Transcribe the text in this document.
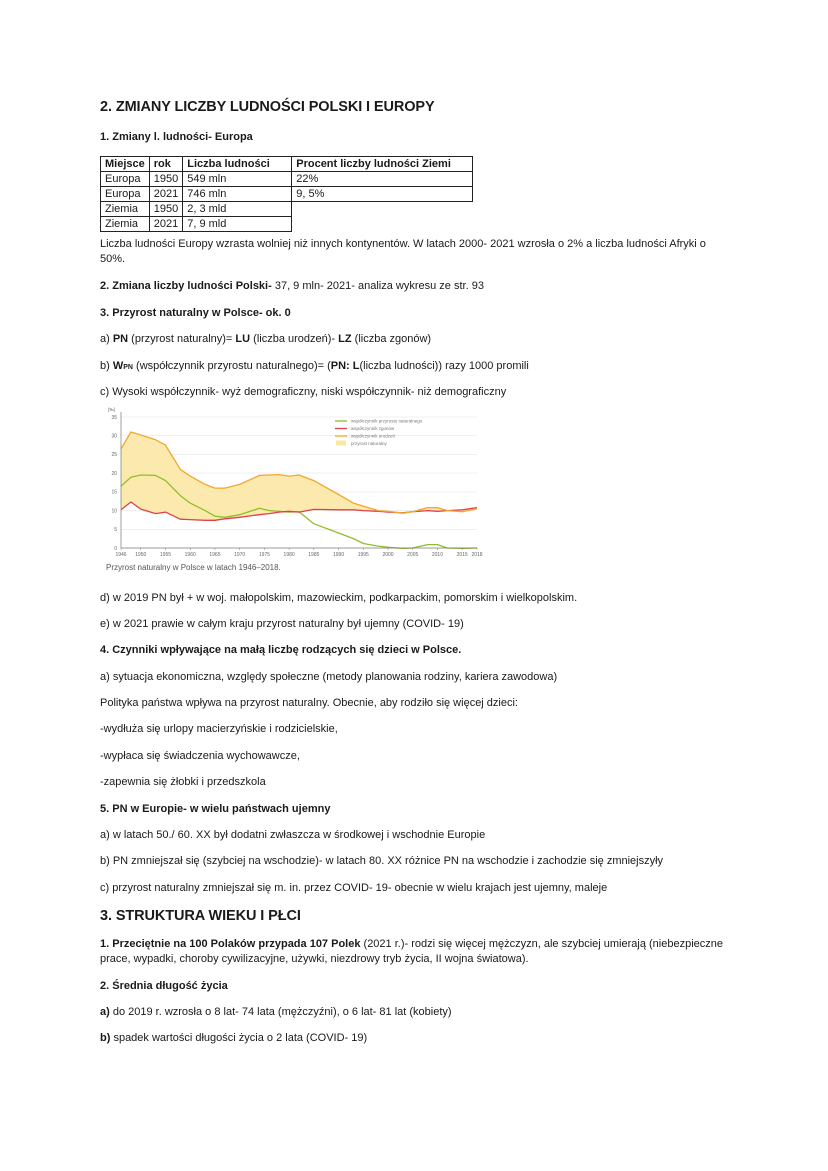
2. ZMIANY LICZBY LUDNOŚCI POLSKI I EUROPY
1. Zmiany l. ludności- Europa
Miejsce	rok	Liczba ludności	Procent liczby ludności Ziemi
Europa	1950	549 mln	22%
Europa	2021	746 mln	9, 5%
Ziemia	1950	2, 3 mld	
Ziemia	2021	7, 9 mld	
Liczba ludności Europy wzrasta wolniej niż innych kontynentów. W latach 2000- 2021 wzrosła o 2% a liczba ludności Afryki o 50%.
2. Zmiana liczby ludności Polski- 37, 9 mln- 2021- analiza wykresu ze str. 93
3. Przyrost naturalny w Polsce- ok. 0
a) PN (przyrost naturalny)= LU (liczba urodzeń)- LZ (liczba zgonów)
b) WPN (współczynnik przyrostu naturalnego)= (PN: L(liczba ludności)) razy 1000 promili
c) Wysoki współczynnik- wyż demograficzny, niski współczynnik- niż demograficzny
0
5
10
15
20
25
30
35
1946 1950	1955	1960	1965	1970	1975	1980	1985	1990	1995	2000	2005	2010	2015 2018
[‰]
współczynnik przyrostu naturalnego
współczynnik zgonów
współczynnik urodzeń
przyrost naturalny
Przyrost naturalny w Polsce w latach 1946–2018.
d) w 2019 PN był + w woj. małopolskim, mazowieckim, podkarpackim, pomorskim i wielkopolskim.
e) w 2021 prawie w całym kraju przyrost naturalny był ujemny (COVID- 19)
4. Czynniki wpływające na małą liczbę rodzących się dzieci w Polsce.
a) sytuacja ekonomiczna, względy społeczne (metody planowania rodziny, kariera zawodowa)
Polityka państwa wpływa na przyrost naturalny. Obecnie, aby rodziło się więcej dzieci:
-wydłuża się urlopy macierzyńskie i rodzicielskie,
-wypłaca się świadczenia wychowawcze,
-zapewnia się żłobki i przedszkola
5. PN w Europie- w wielu państwach ujemny
a) w latach 50./ 60. XX był dodatni zwłaszcza w środkowej i wschodnie Europie
b) PN zmniejszał się (szybciej na wschodzie)- w latach 80. XX różnice PN na wschodzie i zachodzie się zmniejszyły
c) przyrost naturalny zmniejszał się m. in. przez COVID- 19- obecnie w wielu krajach jest ujemny, maleje
3. STRUKTURA WIEKU I PŁCI
1. Przeciętnie na 100 Polaków przypada 107 Polek (2021 r.)- rodzi się więcej mężczyzn, ale szybciej umierają (niebezpieczne prace, wypadki, choroby cywilizacyjne, używki, niezdrowy tryb życia, II wojna światowa).
2. Średnia długość życia
a) do 2019 r. wzrosła o 8 lat- 74 lata (mężczyźni), o 6 lat- 81 lat (kobiety)
b) spadek wartości długości życia o 2 lata (COVID- 19)
